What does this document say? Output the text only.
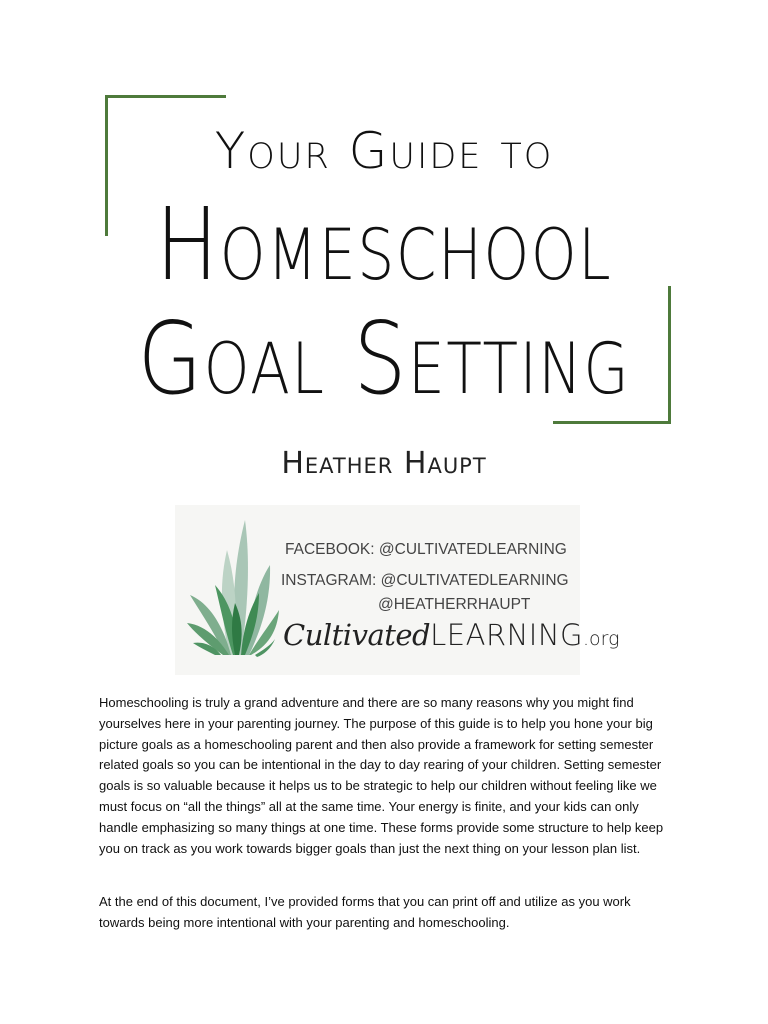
Your Guide to
Homeschool
Goal Setting
Heather Haupt
FACEBOOK: @CULTIVATEDLEARNING
INSTAGRAM: @CULTIVATEDLEARNING
@HEATHERRHAUPT
CultivatedLEARNING.org

Homeschooling is truly a grand adventure and there are so many reasons why you might find yourselves here in your parenting journey. The purpose of this guide is to help you hone your big picture goals as a homeschooling parent and then also provide a framework for setting semester related goals so you can be intentional in the day to day rearing of your children. Setting semester goals is so valuable because it helps us to be strategic to help our children without feeling like we must focus on “all the things” all at the same time. Your energy is finite, and your kids can only handle emphasizing so many things at one time. These forms provide some structure to help keep you on track as you work towards bigger goals than just the next thing on your lesson plan list.

At the end of this document, I’ve provided forms that you can print off and utilize as you work towards being more intentional with your parenting and homeschooling.
